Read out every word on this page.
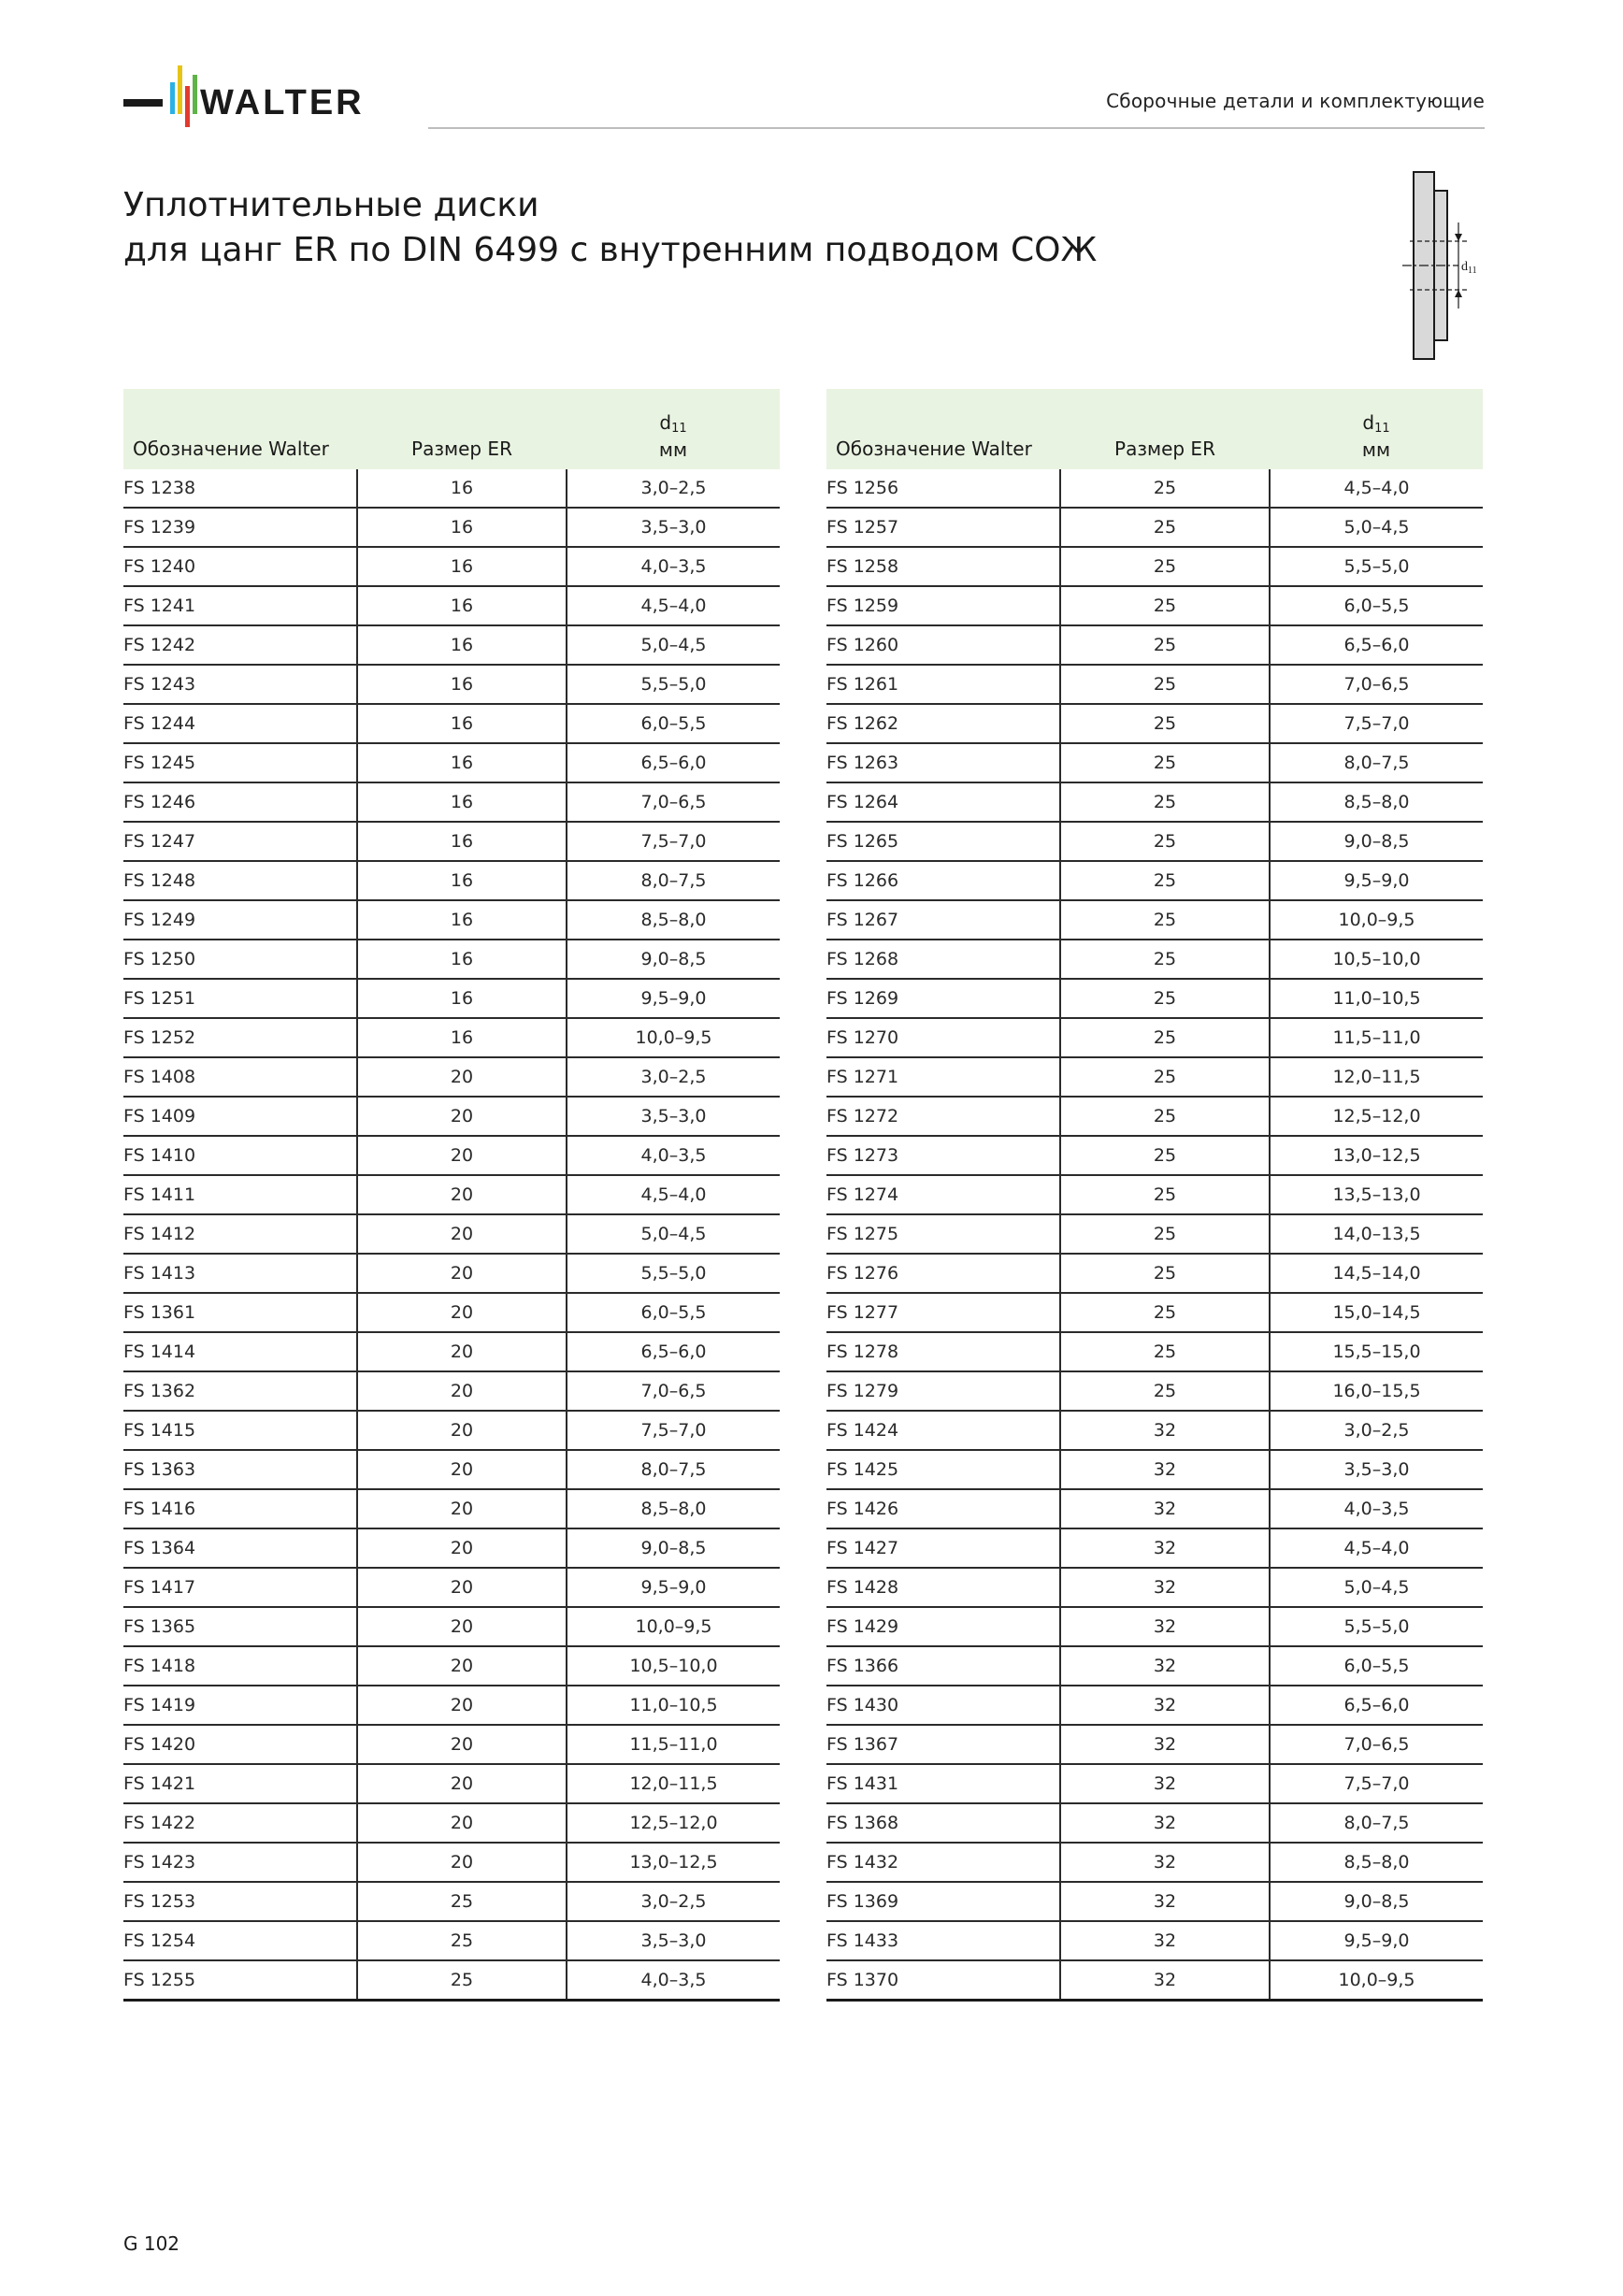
WALTER	Сборочные детали и комплектующие
Уплотнительные диски
для цанг ER по DIN 6499 с внутренним подводом СОЖ	$d_{11}$
Обозначение Walter	Размер ER	$d_{11}$
мм
FS 1238	16	3,0–2,5
FS 1239	16	3,5–3,0
FS 1240	16	4,0–3,5
FS 1241	16	4,5–4,0
FS 1242	16	5,0–4,5
FS 1243	16	5,5–5,0
FS 1244	16	6,0–5,5
FS 1245	16	6,5–6,0
FS 1246	16	7,0–6,5
FS 1247	16	7,5–7,0
FS 1248	16	8,0–7,5
FS 1249	16	8,5–8,0
FS 1250	16	9,0–8,5
FS 1251	16	9,5–9,0
FS 1252	16	10,0–9,5
FS 1408	20	3,0–2,5
FS 1409	20	3,5–3,0
FS 1410	20	4,0–3,5
FS 1411	20	4,5–4,0
FS 1412	20	5,0–4,5
FS 1413	20	5,5–5,0
FS 1361	20	6,0–5,5
FS 1414	20	6,5–6,0
FS 1362	20	7,0–6,5
FS 1415	20	7,5–7,0
FS 1363	20	8,0–7,5
FS 1416	20	8,5–8,0
FS 1364	20	9,0–8,5
FS 1417	20	9,5–9,0
FS 1365	20	10,0–9,5
FS 1418	20	10,5–10,0
FS 1419	20	11,0–10,5
FS 1420	20	11,5–11,0
FS 1421	20	12,0–11,5
FS 1422	20	12,5–12,0
FS 1423	20	13,0–12,5
FS 1253	25	3,0–2,5
FS 1254	25	3,5–3,0
FS 1255	25	4,0–3,5
Обозначение Walter	Размер ER	$d_{11}$
мм
FS 1256	25	4,5–4,0
FS 1257	25	5,0–4,5
FS 1258	25	5,5–5,0
FS 1259	25	6,0–5,5
FS 1260	25	6,5–6,0
FS 1261	25	7,0–6,5
FS 1262	25	7,5–7,0
FS 1263	25	8,0–7,5
FS 1264	25	8,5–8,0
FS 1265	25	9,0–8,5
FS 1266	25	9,5–9,0
FS 1267	25	10,0–9,5
FS 1268	25	10,5–10,0
FS 1269	25	11,0–10,5
FS 1270	25	11,5–11,0
FS 1271	25	12,0–11,5
FS 1272	25	12,5–12,0
FS 1273	25	13,0–12,5
FS 1274	25	13,5–13,0
FS 1275	25	14,0–13,5
FS 1276	25	14,5–14,0
FS 1277	25	15,0–14,5
FS 1278	25	15,5–15,0
FS 1279	25	16,0–15,5
FS 1424	32	3,0–2,5
FS 1425	32	3,5–3,0
FS 1426	32	4,0–3,5
FS 1427	32	4,5–4,0
FS 1428	32	5,0–4,5
FS 1429	32	5,5–5,0
FS 1366	32	6,0–5,5
FS 1430	32	6,5–6,0
FS 1367	32	7,0–6,5
FS 1431	32	7,5–7,0
FS 1368	32	8,0–7,5
FS 1432	32	8,5–8,0
FS 1369	32	9,0–8,5
FS 1433	32	9,5–9,0
FS 1370	32	10,0–9,5
G 102
